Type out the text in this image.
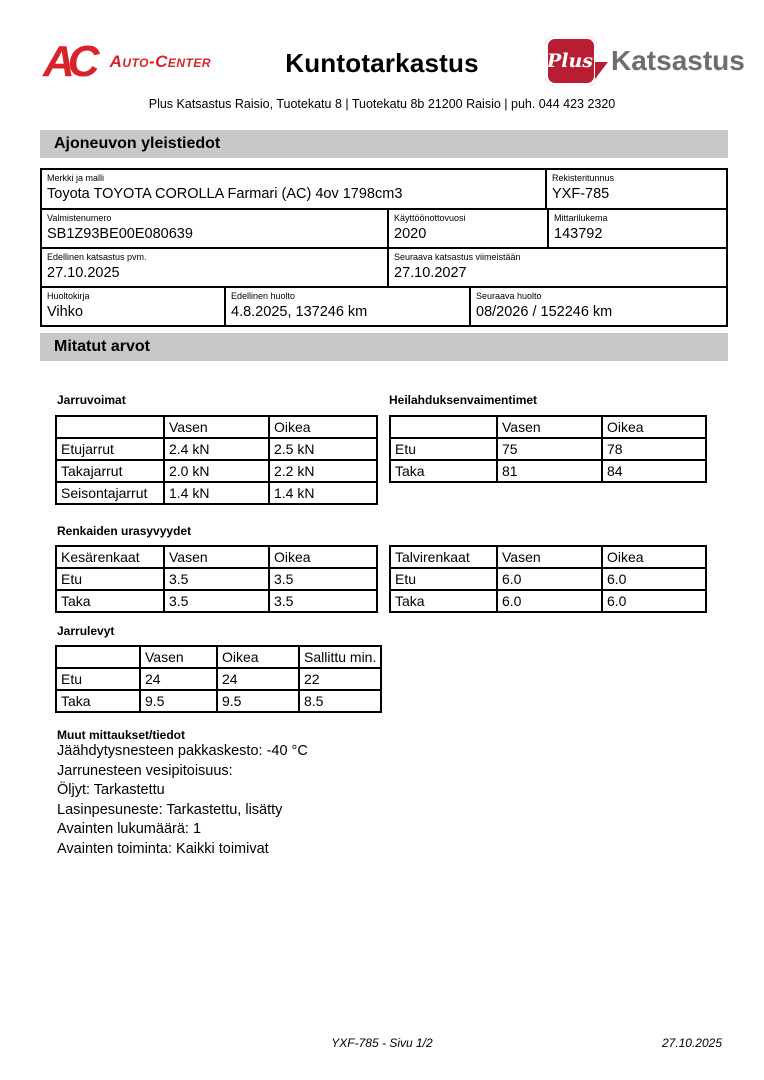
AC	Auto-Center	Kuntotarkastus	Plus Katsastus
Plus Katsastus Raisio, Tuotekatu 8 | Tuotekatu 8b 21200 Raisio | puh. 044 423 2320
Ajoneuvon yleistiedot
Merkki ja malli
Toyota TOYOTA COROLLA Farmari (AC) 4ov 1798cm3
Rekisteritunnus
YXF-785
Valmistenumero
SB1Z93BE00E080639
Käyttöönottovuosi
2020
Mittarilukema
143792
Edellinen katsastus pvm.
27.10.2025
Seuraava katsastus viimeistään
27.10.2027
Huoltokirja
Vihko
Edellinen huolto
4.8.2025, 137246 km
Seuraava huolto
08/2026 / 152246 km
Mitatut arvot
Jarruvoimat
	Vasen	Oikea
Etujarrut	2.4 kN	2.5 kN
Takajarrut	2.0 kN	2.2 kN
Seisontajarrut	1.4 kN	1.4 kN
Heilahduksenvaimentimet
	Vasen	Oikea
Etu	75	78
Taka	81	84
Renkaiden urasyvyydet
Kesärenkaat	Vasen	Oikea
Etu	3.5	3.5
Taka	3.5	3.5
Talvirenkaat	Vasen	Oikea
Etu	6.0	6.0
Taka	6.0	6.0
Jarrulevyt
	Vasen	Oikea	Sallittu min.
Etu	24	24	22
Taka	9.5	9.5	8.5
Muut mittaukset/tiedot
Jäähdytysnesteen pakkaskesto: -40 °C
Jarrunesteen vesipitoisuus:
Öljyt: Tarkastettu
Lasinpesuneste: Tarkastettu, lisätty
Avainten lukumäärä: 1
Avainten toiminta: Kaikki toimivat
YXF-785 - Sivu 1/2	27.10.2025
